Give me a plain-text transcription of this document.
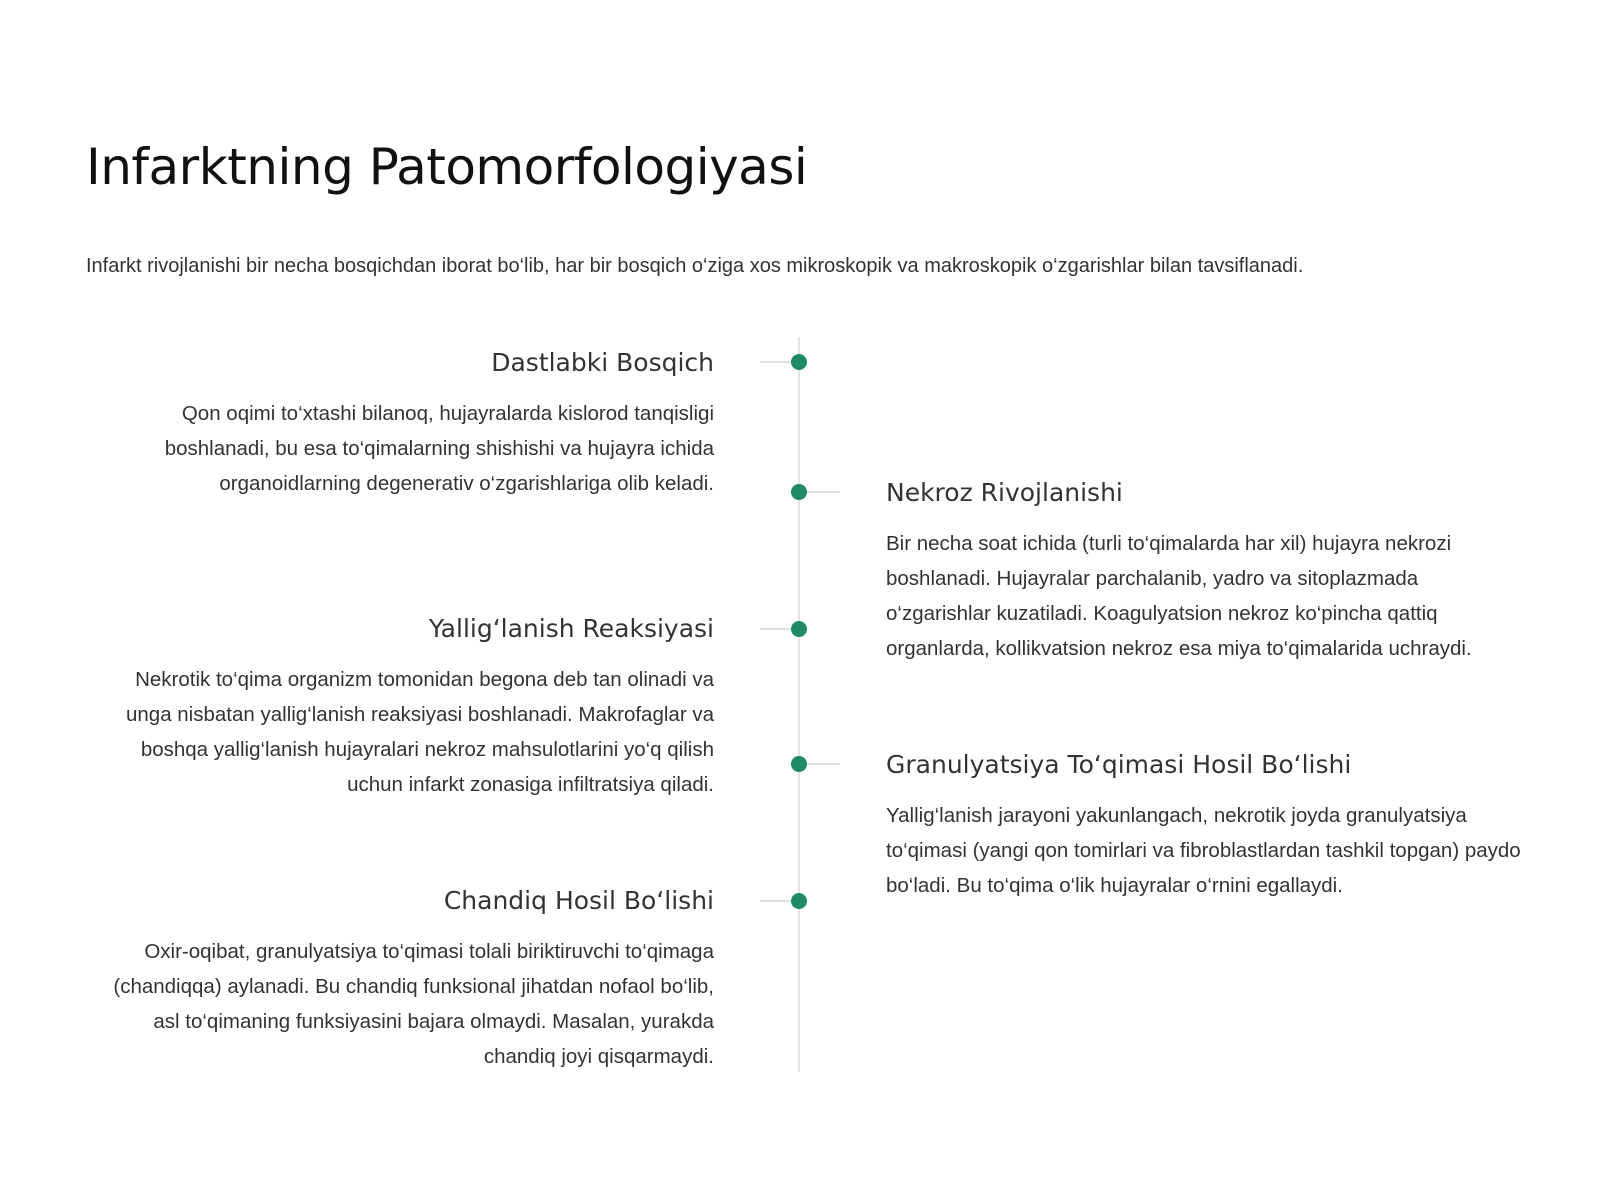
Infarktning Patomorfologiyasi

Infarkt rivojlanishi bir necha bosqichdan iborat bo‘lib, har bir bosqich o‘ziga xos mikroskopik va makroskopik o‘zgarishlar bilan tavsiflanadi.

Dastlabki Bosqich

Qon oqimi to‘xtashi bilanoq, hujayralarda kislorod tanqisligi boshlanadi, bu esa to‘qimalarning shishishi va hujayra ichida organoidlarning degenerativ o‘zgarishlariga olib keladi.	Nekroz Rivojlanishi

Bir necha soat ichida (turli to‘qimalarda har xil) hujayra nekrozi boshlanadi. Hujayralar parchalanib, yadro va sitoplazmada o‘zgarishlar kuzatiladi. Koagulyatsion nekroz ko‘pincha qattiq organlarda, kollikvatsion nekroz esa miya to‘qimalarida uchraydi.

Yallig‘lanish Reaksiyasi

Nekrotik to‘qima organizm tomonidan begona deb tan olinadi va unga nisbatan yallig‘lanish reaksiyasi boshlanadi. Makrofaglar va boshqa yallig‘lanish hujayralari nekroz mahsulotlarini yo‘q qilish uchun infarkt zonasiga infiltratsiya qiladi.

Granulyatsiya To‘qimasi Hosil Bo‘lishi

Yallig‘lanish jarayoni yakunlangach, nekrotik joyda granulyatsiya to‘qimasi (yangi qon tomirlari va fibroblastlardan tashkil topgan) paydo bo‘ladi. Bu to‘qima o‘lik hujayralar o‘rnini egallaydi.

Chandiq Hosil Bo‘lishi

Oxir-oqibat, granulyatsiya to‘qimasi tolali biriktiruvchi to‘qimaga (chandiqqa) aylanadi. Bu chandiq funksional jihatdan nofaol bo‘lib, asl to‘qimaning funksiyasini bajara olmaydi. Masalan, yurakda chandiq joyi qisqarmaydi.
